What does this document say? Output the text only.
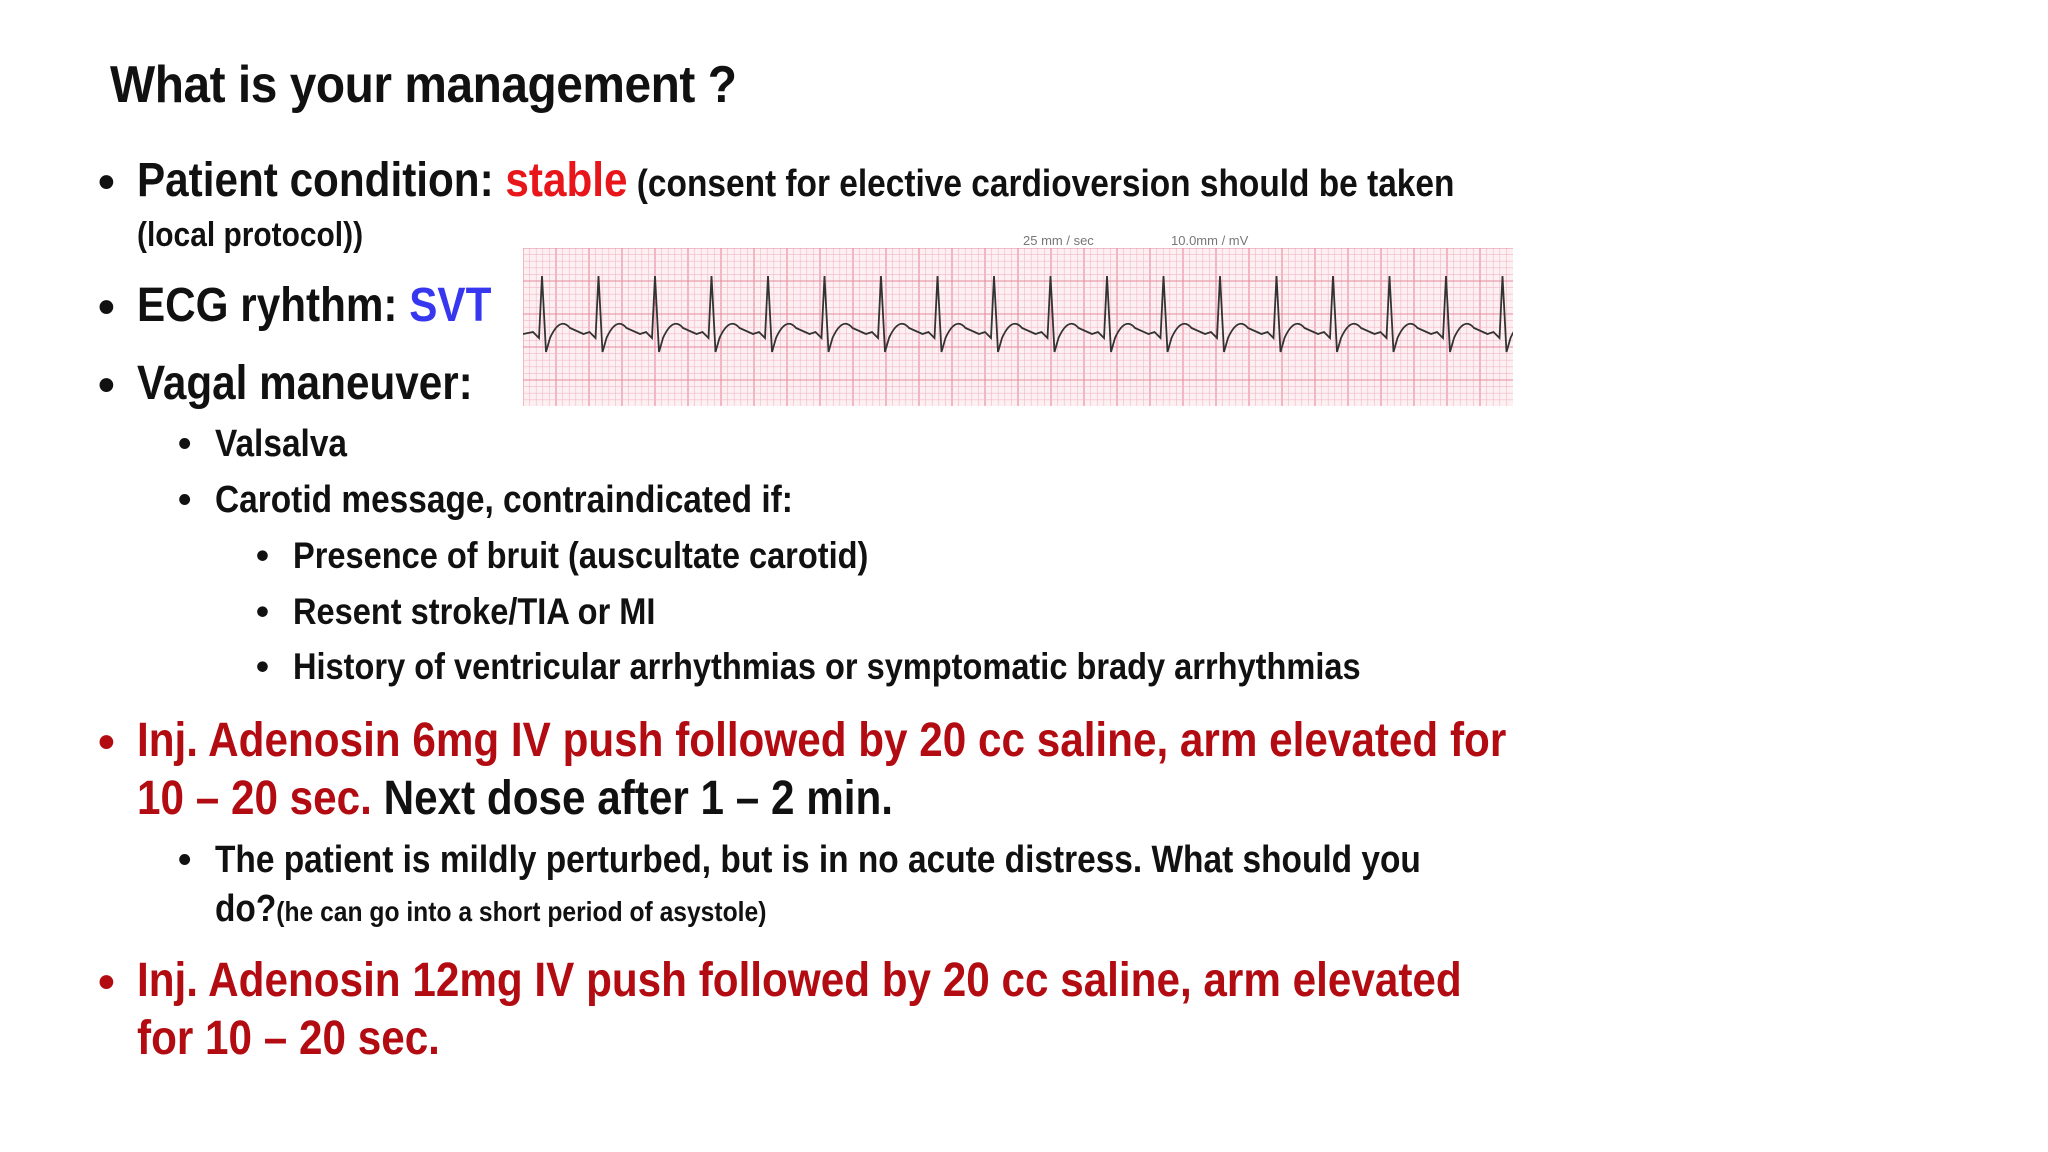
What is your management ?
• Patient condition: stable (consent for elective cardioversion should be taken
(local protocol))
• ECG ryhthm: SVT
25 mm / sec	10.0mm / mV
• Vagal maneuver:
• Valsalva
• Carotid message, contraindicated if:
• Presence of bruit (auscultate carotid)
• Resent stroke/TIA or MI
• History of ventricular arrhythmias or symptomatic brady arrhythmias
• Inj. Adenosin 6mg IV push followed by 20 cc saline, arm elevated for
10 – 20 sec. Next dose after 1 – 2 min.
• The patient is mildly perturbed, but is in no acute distress. What should you
do?(he can go into a short period of asystole)
• Inj. Adenosin 12mg IV push followed by 20 cc saline, arm elevated
for 10 – 20 sec.
